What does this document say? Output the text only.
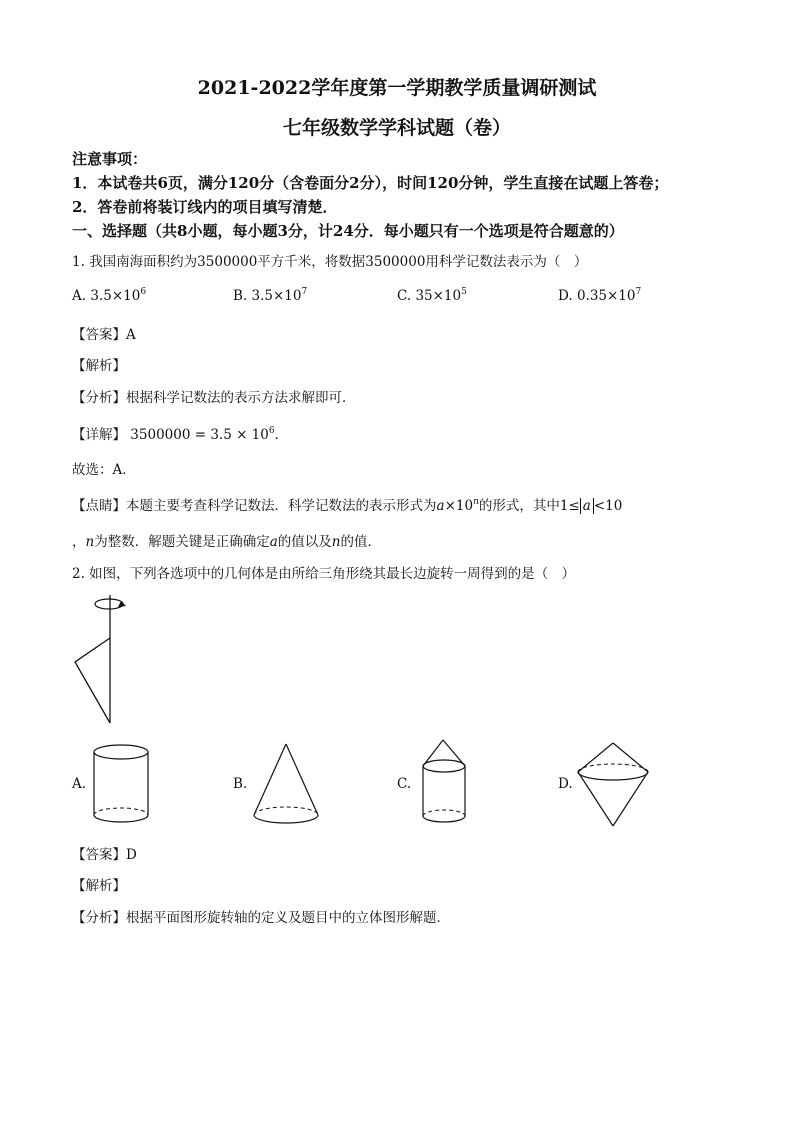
2021-2022学年度第一学期教学质量调研测试
七年级数学学科试题（卷）
注意事项：
1．本试卷共6页，满分120分（含卷面分2分），时间120分钟，学生直接在试题上答卷；
2．答卷前将装订线内的项目填写清楚．
一、选择题（共8小题，每小题3分，计24分．每小题只有一个选项是符合题意的）
1. 我国南海面积约为3500000平方千米，将数据3500000用科学记数法表示为（　）
A. $3.5\times 10^6$	B. $3.5\times 10^7$	C. $35\times 10^5$	D. $0.35\times 10^7$
【答案】A
【解析】
【分析】根据科学记数法的表示方法求解即可．
【详解】 $3500000 = 3.5 \times 10^6$．
故选：A．
【点睛】本题主要考查科学记数法．科学记数法的表示形式为$a\times 10^n$的形式，其中1≤ a <10
，n为整数．解题关键是正确确定a的值以及n的值．
2. 如图，下列各选项中的几何体是由所给三角形绕其最长边旋转一周得到的是（　）
A.	B.	C.	D.
【答案】D
【解析】
【分析】根据平面图形旋转轴的定义及题目中的立体图形解题．
